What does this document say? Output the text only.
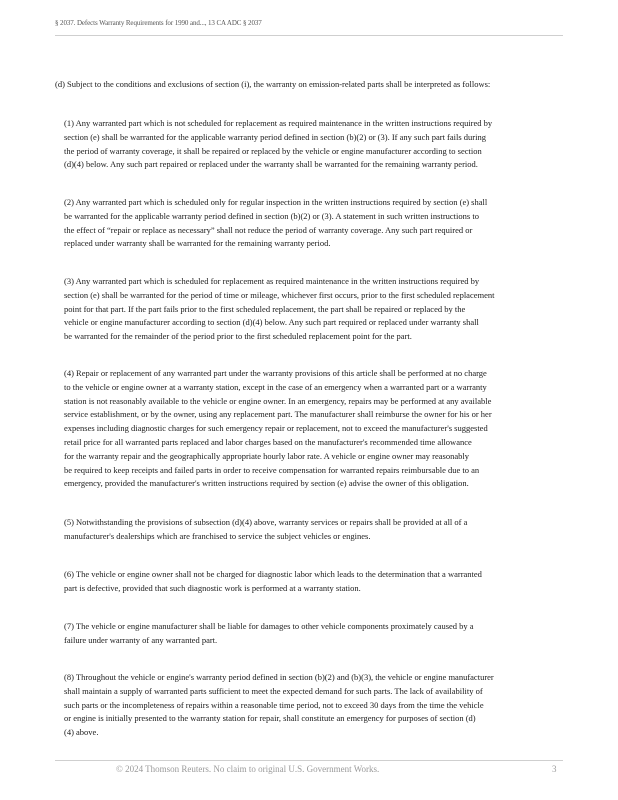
§ 2037. Defects Warranty Requirements for 1990 and..., 13 CA ADC § 2037

(d) Subject to the conditions and exclusions of section (i), the warranty on emission-related parts shall be interpreted as follows:

(1) Any warranted part which is not scheduled for replacement as required maintenance in the written instructions required by
section (e) shall be warranted for the applicable warranty period defined in section (b)(2) or (3). If any such part fails during
the period of warranty coverage, it shall be repaired or replaced by the vehicle or engine manufacturer according to section
(d)(4) below. Any such part repaired or replaced under the warranty shall be warranted for the remaining warranty period.
(2) Any warranted part which is scheduled only for regular inspection in the written instructions required by section (e) shall
be warranted for the applicable warranty period defined in section (b)(2) or (3). A statement in such written instructions to
the effect of “repair or replace as necessary” shall not reduce the period of warranty coverage. Any such part required or
replaced under warranty shall be warranted for the remaining warranty period.
(3) Any warranted part which is scheduled for replacement as required maintenance in the written instructions required by
section (e) shall be warranted for the period of time or mileage, whichever first occurs, prior to the first scheduled replacement
point for that part. If the part fails prior to the first scheduled replacement, the part shall be repaired or replaced by the
vehicle or engine manufacturer according to section (d)(4) below. Any such part required or replaced under warranty shall
be warranted for the remainder of the period prior to the first scheduled replacement point for the part.
(4) Repair or replacement of any warranted part under the warranty provisions of this article shall be performed at no charge
to the vehicle or engine owner at a warranty station, except in the case of an emergency when a warranted part or a warranty
station is not reasonably available to the vehicle or engine owner. In an emergency, repairs may be performed at any available
service establishment, or by the owner, using any replacement part. The manufacturer shall reimburse the owner for his or her
expenses including diagnostic charges for such emergency repair or replacement, not to exceed the manufacturer's suggested
retail price for all warranted parts replaced and labor charges based on the manufacturer's recommended time allowance
for the warranty repair and the geographically appropriate hourly labor rate. A vehicle or engine owner may reasonably
be required to keep receipts and failed parts in order to receive compensation for warranted repairs reimbursable due to an
emergency, provided the manufacturer's written instructions required by section (e) advise the owner of this obligation.
(5) Notwithstanding the provisions of subsection (d)(4) above, warranty services or repairs shall be provided at all of a
manufacturer's dealerships which are franchised to service the subject vehicles or engines.
(6) The vehicle or engine owner shall not be charged for diagnostic labor which leads to the determination that a warranted
part is defective, provided that such diagnostic work is performed at a warranty station.
(7) The vehicle or engine manufacturer shall be liable for damages to other vehicle components proximately caused by a
failure under warranty of any warranted part.
(8) Throughout the vehicle or engine's warranty period defined in section (b)(2) and (b)(3), the vehicle or engine manufacturer
shall maintain a supply of warranted parts sufficient to meet the expected demand for such parts. The lack of availability of
such parts or the incompleteness of repairs within a reasonable time period, not to exceed 30 days from the time the vehicle
or engine is initially presented to the warranty station for repair, shall constitute an emergency for purposes of section (d)
(4) above.
© 2024 Thomson Reuters. No claim to original U.S. Government Works.	3
